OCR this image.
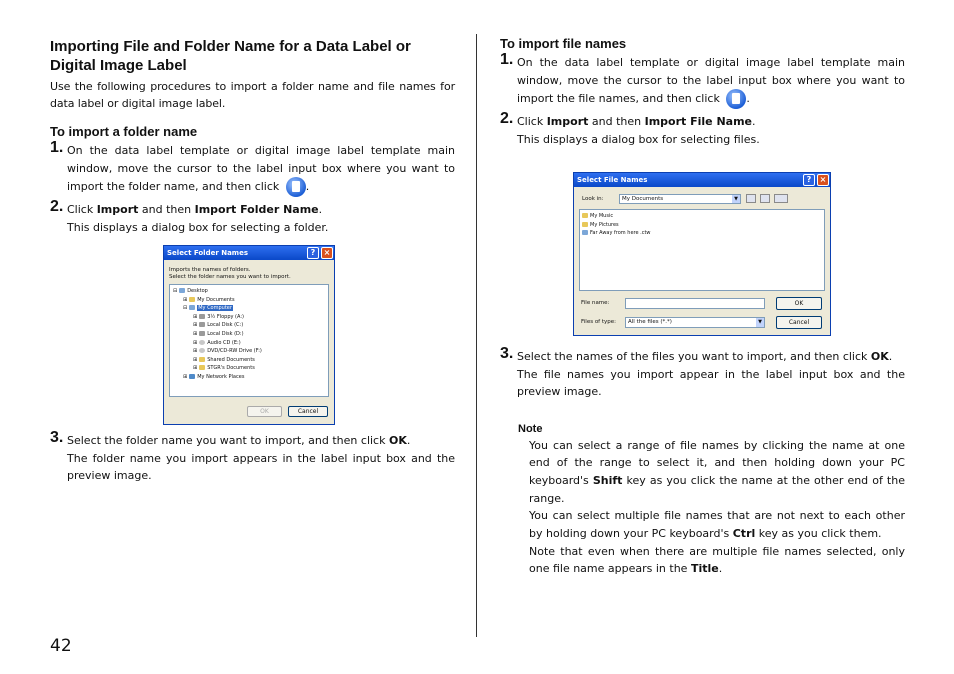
Importing File and Folder Name for a Data Label or Digital Image Label

Use the following procedures to import a folder name and file names for data label or digital image label.

To import a folder name
1. On the data label template or digital image label template main window, move the cursor to the label input box where you want to import the folder name, and then click .
2. Click Import and then Import Folder Name.
This displays a dialog box for selecting a folder.
3. Select the folder name you want to import, and then click OK.
The folder name you import appears in the label input box and the preview image.
Select Folder Names	?	×
Imports the names of folders.
Select the folder names you want to import.
⊟ Desktop
⊞ My Documents
⊟ My Computer
⊞ 3½ Floppy (A:)
⊞ Local Disk (C:)
⊞ Local Disk (D:)
⊞ Audio CD (E:)
⊞ DVD/CD-RW Drive (F:)
⊞ Shared Documents
⊞ STGR's Documents
⊞ My Network Places
OK	Cancel
To import file names
1. On the data label template or digital image label template main window, move the cursor to the label input box where you want to import the file names, and then click .
2. Click Import and then Import File Name.
This displays a dialog box for selecting files.
3. Select the names of the files you want to import, and then click OK.
The file names you import appear in the label input box and the preview image.
Note
You can select a range of file names by clicking the name at one end of the range to select it, and then holding down your PC keyboard's Shift key as you click the name at the other end of the range.
You can select multiple file names that are not next to each other by holding down your PC keyboard's Ctrl key as you click them.
Note that even when there are multiple file names selected, only one file name appears in the Title.
Select File Names	?	×
Look in:	My Documents	▼
My Music
My Pictures
Far Away from here .ctw
File name:
Files of type:	All the files (*.*)	▼
OK
Cancel
42
